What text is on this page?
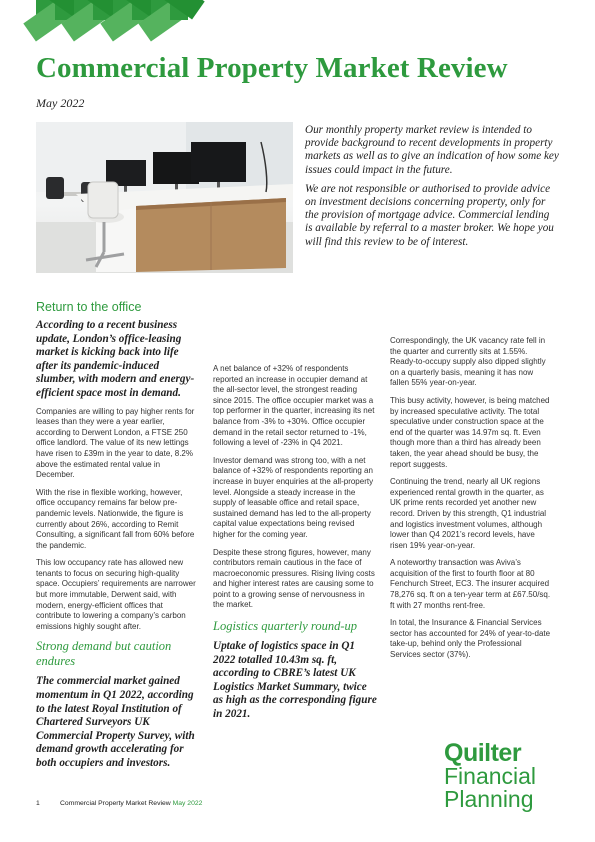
Commercial Property Market Review
May 2022

Our monthly property market review is intended to provide background to recent developments in property markets as well as to give an indication of how some key issues could impact in the future.

We are not responsible or authorised to provide advice on investment decisions concerning property, only for the provision of mortgage advice. Commercial lending is available by referral to a master broker. We hope you will find this review to be of interest.

Return to the office
According to a recent business update, London’s office-leasing market is kicking back into life after its pandemic-induced slumber, with modern and energy-efficient space most in demand.

Companies are willing to pay higher rents for leases than they were a year earlier, according to Derwent London, a FTSE 250 office landlord. The value of its new lettings have risen to £39m in the year to date, 8.2% above the estimated rental value in December.

With the rise in flexible working, however, office occupancy remains far below pre-pandemic levels. Nationwide, the figure is currently about 26%, according to Remit Consulting, a significant fall from 60% before the pandemic.

This low occupancy rate has allowed new tenants to focus on securing high-quality space. Occupiers’ requirements are narrower but more immutable, Derwent said, with modern, energy-efficient offices that contribute to lowering a company’s carbon emissions highly sought after.

Strong demand but caution endures
The commercial market gained momentum in Q1 2022, according to the latest Royal Institution of Chartered Surveyors UK Commercial Property Survey, with demand growth accelerating for both occupiers and investors.

A net balance of +32% of respondents reported an increase in occupier demand at the all-sector level, the strongest reading since 2015. The office occupier market was a top performer in the quarter, increasing its net balance from -3% to +30%. Office occupier demand in the retail sector returned to -1%, following a level of -23% in Q4 2021.

Investor demand was strong too, with a net balance of +32% of respondents reporting an increase in buyer enquiries at the all-property level. Alongside a steady increase in the supply of leasable office and retail space, sustained demand has led to the all-property capital value expectations being revised higher for the coming year.

Despite these strong figures, however, many contributors remain cautious in the face of macroeconomic pressures. Rising living costs and higher interest rates are causing some to point to a growing sense of nervousness in the market.

Logistics quarterly round-up
Uptake of logistics space in Q1 2022 totalled 10.43m sq. ft, according to CBRE’s latest UK Logistics Market Summary, twice as high as the corresponding figure in 2021.

Correspondingly, the UK vacancy rate fell in the quarter and currently sits at 1.55%. Ready-to-occupy supply also dipped slightly on a quarterly basis, meaning it has now fallen 55% year-on-year.

This busy activity, however, is being matched by increased speculative activity. The total speculative under construction space at the end of the quarter was 14.97m sq. ft. Even though more than a third has already been taken, the year ahead should be busy, the report suggests.

Continuing the trend, nearly all UK regions experienced rental growth in the quarter, as UK prime rents recorded yet another new record. Driven by this strength, Q1 industrial and logistics investment volumes, although lower than Q4 2021’s record levels, have risen 19% year-on-year.

A noteworthy transaction was Aviva’s acquisition of the first to fourth floor at 80 Fenchurch Street, EC3. The insurer acquired 78,276 sq. ft on a ten-year term at £67.50/sq. ft with 27 months rent-free.

In total, the Insurance & Financial Services sector has accounted for 24% of year-to-date take-up, behind only the Professional Services sector (37%).

Quilter
Financial
Planning
1	Commercial Property Market Review May 2022
